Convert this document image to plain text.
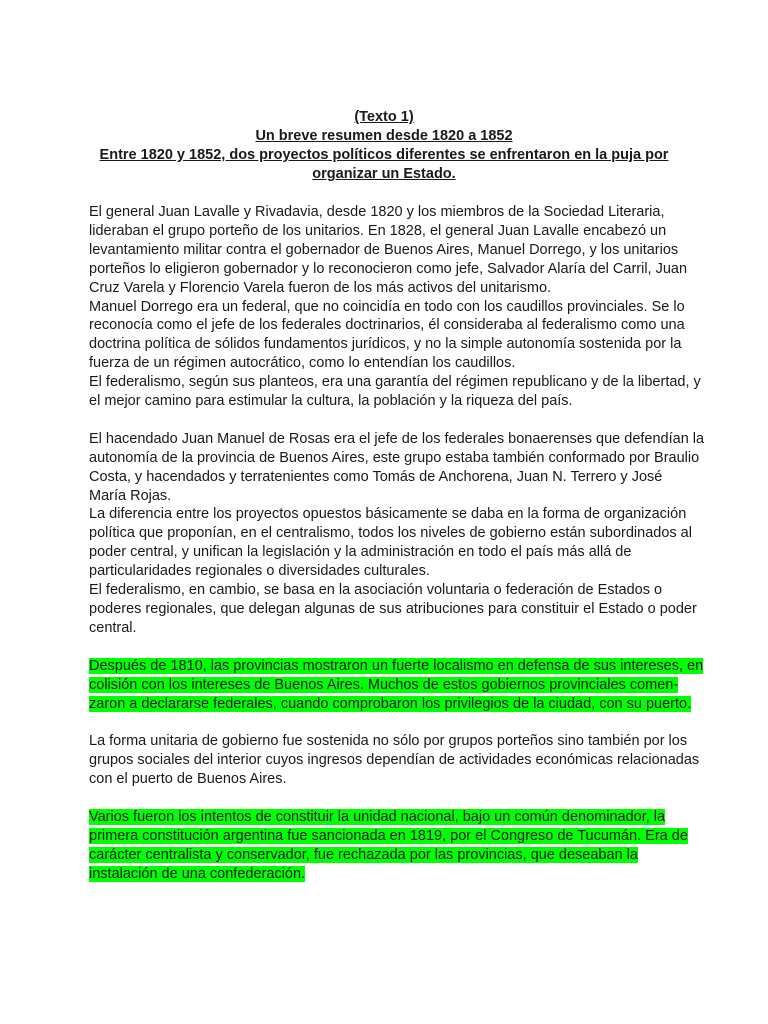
(Texto 1)
Un breve resumen desde 1820 a 1852
Entre 1820 y 1852, dos proyectos políticos diferentes se enfrentaron en la puja por
organizar un Estado.
El general Juan Lavalle y Rivadavia, desde 1820 y los miembros de la Sociedad Literaria,
lideraban el grupo porteño de los unitarios. En 1828, el general Juan Lavalle encabezó un
levantamiento militar contra el gobernador de Buenos Aires, Manuel Dorrego, y los unitarios
porteños lo eligieron gobernador y lo reconocieron como jefe, Salvador Alaría del Carril, Juan
Cruz Varela y Florencio Varela fueron de los más activos del unitarismo.
Manuel Dorrego era un federal, que no coincidía en todo con los caudillos provinciales. Se lo
reconocía como el jefe de los federales doctrinarios, él consideraba al federalismo como una
doctrina política de sólidos fundamentos jurídicos, y no la simple autonomía sostenida por la
fuerza de un régimen autocrático, como lo entendían los caudillos.
El federalismo, según sus planteos, era una garantía del régimen republicano y de la libertad, y
el mejor camino para estimular la cultura, la población y la riqueza del país.
El hacendado Juan Manuel de Rosas era el jefe de los federales bonaerenses que defendían la
autonomía de la provincia de Buenos Aires, este grupo estaba también conformado por Braulio
Costa, y hacendados y terratenientes como Tomás de Anchorena, Juan N. Terrero y José
María Rojas.
La diferencia entre los proyectos opuestos básicamente se daba en la forma de organización
política que proponían, en el centralismo, todos los niveles de gobierno están subordinados al
poder central, y unifican la legislación y la administración en todo el país más allá de
particularidades regionales o diversidades culturales.
El federalismo, en cambio, se basa en la asociación voluntaria o federación de Estados o
poderes regionales, que delegan algunas de sus atribuciones para constituir el Estado o poder
central.
Después de 1810, las provincias mostraron un fuerte localismo en defensa de sus intereses, en
colisión con los intereses de Buenos Aires. Muchos de estos gobiernos provinciales comen-
zaron a declararse federales, cuando comprobaron los privilegios de la ciudad, con su puerto.
La forma unitaria de gobierno fue sostenida no sólo por grupos porteños sino también por los
grupos sociales del interior cuyos ingresos dependían de actividades económicas relacionadas
con el puerto de Buenos Aires.
Varios fueron los intentos de constituir la unidad nacional, bajo un común denominador, la
primera constitución argentina fue sancionada en 1819, por el Congreso de Tucumán. Era de
carácter centralista y conservador, fue rechazada por las provincias, que deseaban la
instalación de una confederación.
